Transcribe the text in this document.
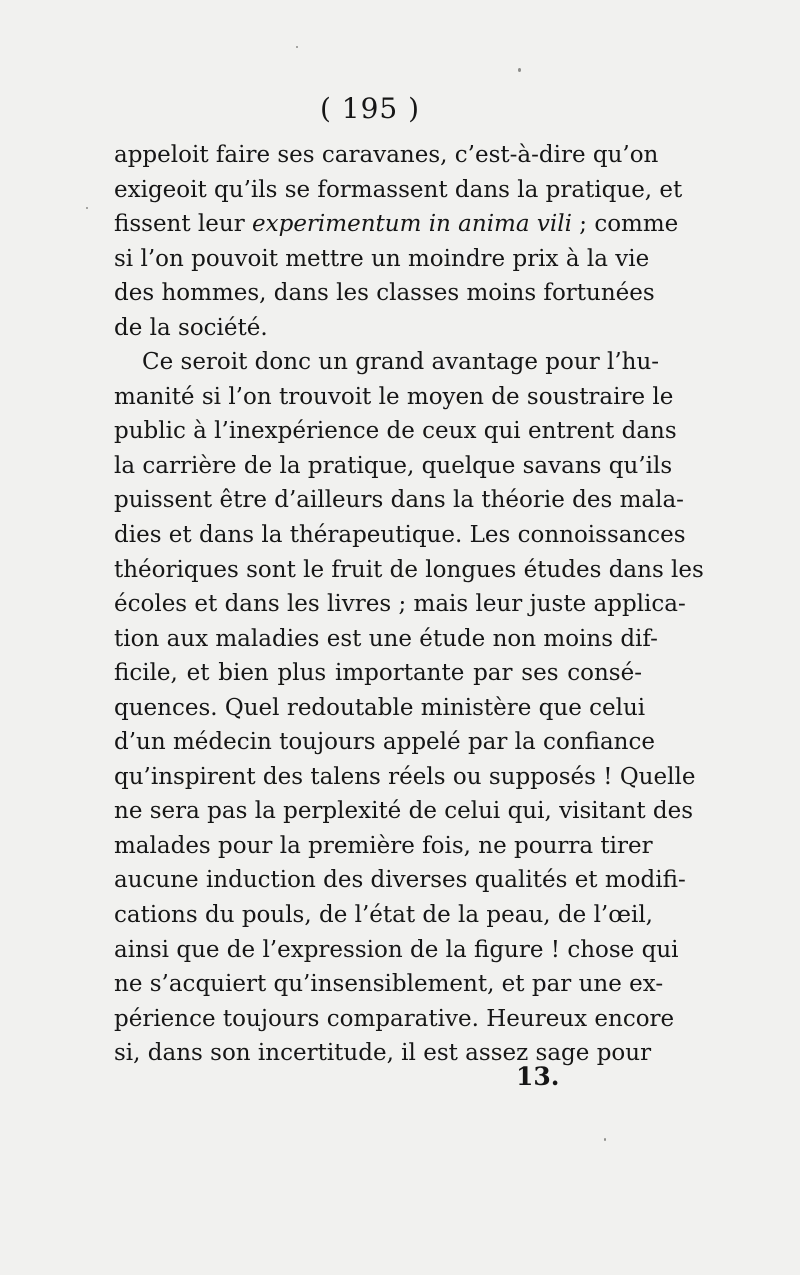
( 195 )
appeloit faire ses caravanes, c’est-à-dire qu’on
exigeoit qu’ils se formassent dans la pratique, et
fissent leur experimentum in anima vili ; comme
si l’on pouvoit mettre un moindre prix à la vie
des hommes, dans les classes moins fortunées
de la société.
Ce seroit donc un grand avantage pour l’hu-
manité si l’on trouvoit le moyen de soustraire le
public à l’inexpérience de ceux qui entrent dans
la carrière de la pratique, quelque savans qu’ils
puissent être d’ailleurs dans la théorie des mala-
dies et dans la thérapeutique. Les connoissances
théoriques sont le fruit de longues études dans les
écoles et dans les livres ; mais leur juste applica-
tion aux maladies est une étude non moins dif-
ficile, et bien plus importante par ses consé-
quences. Quel redoutable ministère que celui
d’un médecin toujours appelé par la confiance
qu’inspirent des talens réels ou supposés ! Quelle
ne sera pas la perplexité de celui qui, visitant des
malades pour la première fois, ne pourra tirer
aucune induction des diverses qualités et modifi-
cations du pouls, de l’état de la peau, de l’œil,
ainsi que de l’expression de la figure ! chose qui
ne s’acquiert qu’insensiblement, et par une ex-
périence toujours comparative. Heureux encore
si, dans son incertitude, il est assez sage pour
13.
